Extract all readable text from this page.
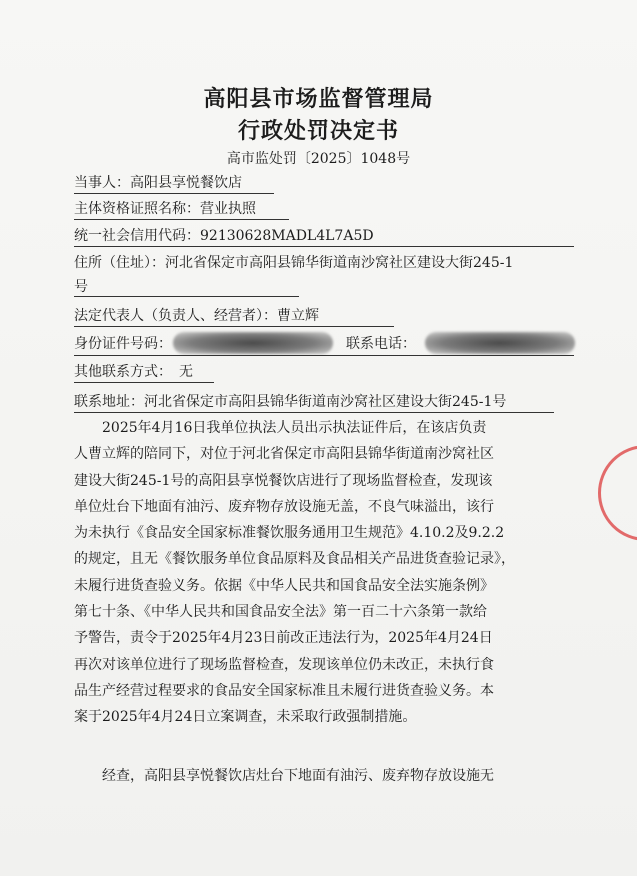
高阳县市场监督管理局
行政处罚决定书
高市监处罚〔2025〕1048号
当事人：高阳县享悦餐饮店
主体资格证照名称：营业执照
统一社会信用代码：92130628MADL4L7A5D
住所（住址）：河北省保定市高阳县锦华街道南沙窝社区建设大街245-1
号
法定代表人（负责人、经营者）：曹立辉
身份证件号码：	联系电话：
其他联系方式：　无
联系地址：河北省保定市高阳县锦华街道南沙窝社区建设大街245-1号
　　2025年4月16日我单位执法人员出示执法证件后，在该店负责
人曹立辉的陪同下，对位于河北省保定市高阳县锦华街道南沙窝社区
建设大街245-1号的高阳县享悦餐饮店进行了现场监督检查，发现该
单位灶台下地面有油污、废弃物存放设施无盖，不良气味溢出，该行
为未执行《食品安全国家标准餐饮服务通用卫生规范》4.10.2及9.2.2
的规定，且无《餐饮服务单位食品原料及食品相关产品进货查验记录》，
未履行进货查验义务。依据《中华人民共和国食品安全法实施条例》
第七十条、《中华人民共和国食品安全法》第一百二十六条第一款给
予警告，责令于2025年4月23日前改正违法行为，2025年4月24日
再次对该单位进行了现场监督检查，发现该单位仍未改正，未执行食
品生产经营过程要求的食品安全国家标准且未履行进货查验义务。本
案于2025年4月24日立案调查，未采取行政强制措施。
　　经查，高阳县享悦餐饮店灶台下地面有油污、废弃物存放设施无
